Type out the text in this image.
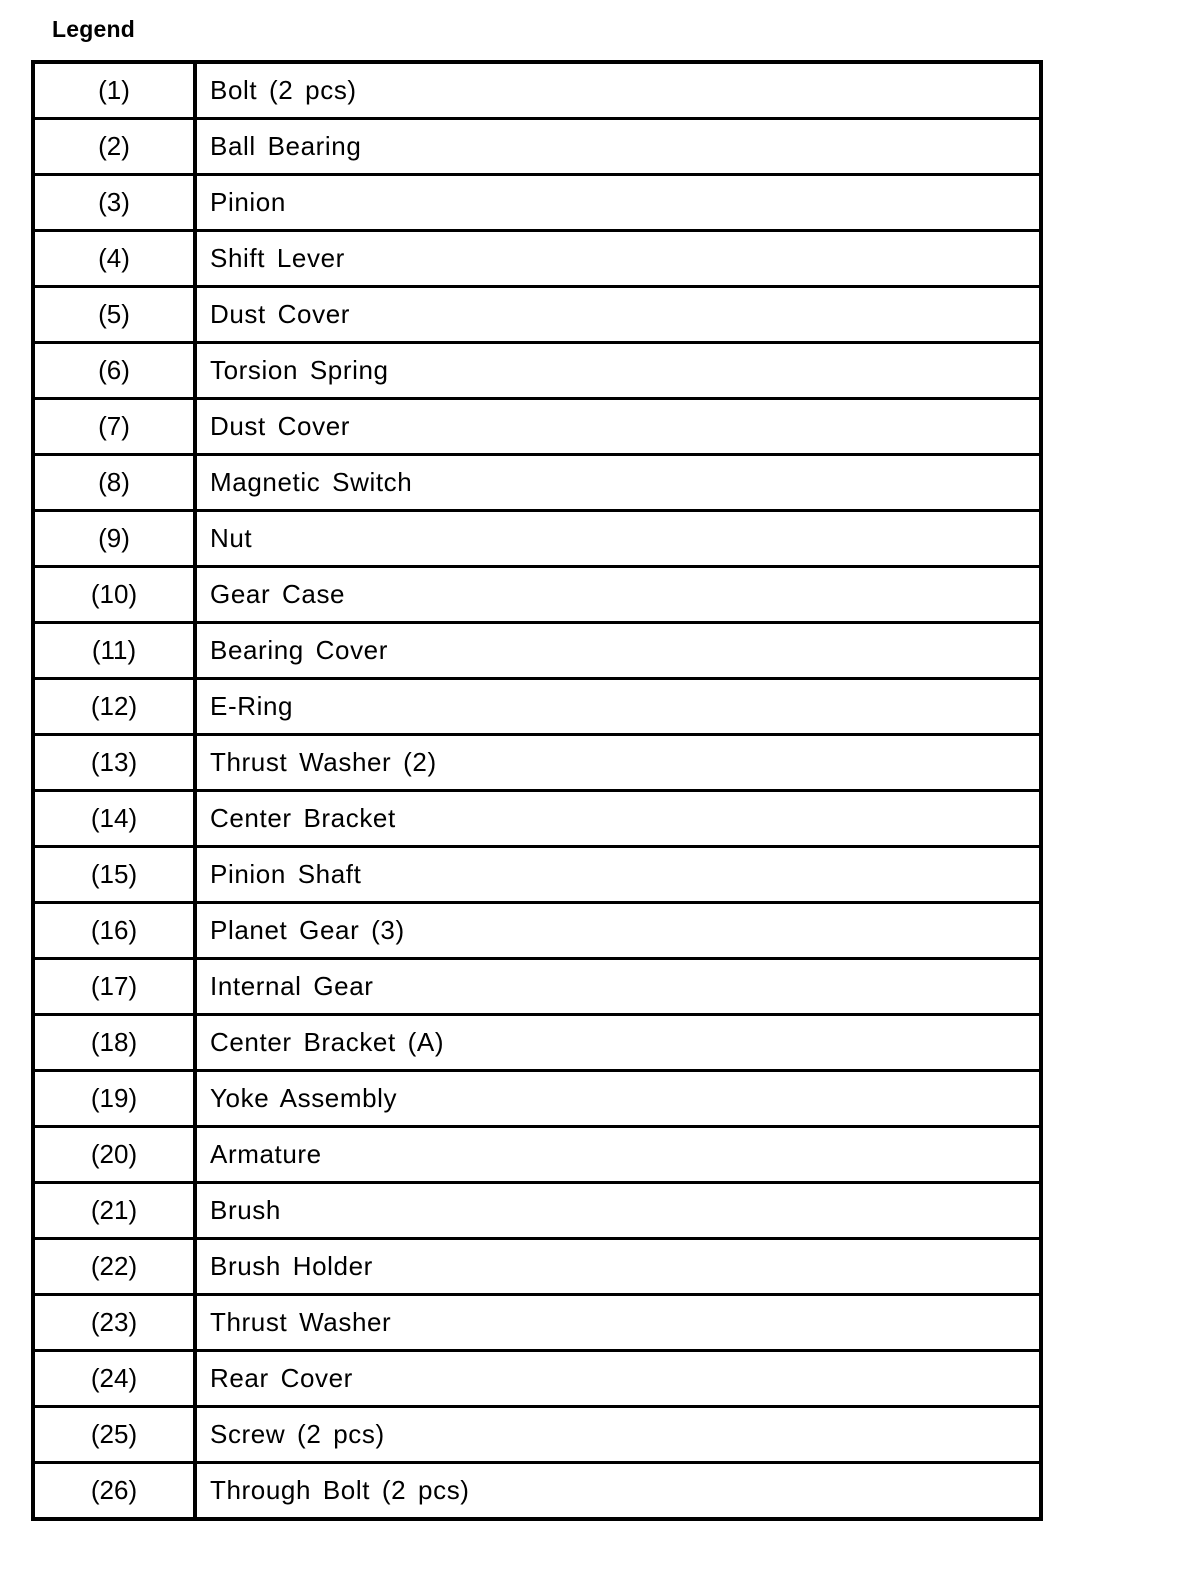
Legend
(1)	Bolt (2 pcs)
(2)	Ball Bearing
(3)	Pinion
(4)	Shift Lever
(5)	Dust Cover
(6)	Torsion Spring
(7)	Dust Cover
(8)	Magnetic Switch
(9)	Nut
(10)	Gear Case
(11)	Bearing Cover
(12)	E-Ring
(13)	Thrust Washer (2)
(14)	Center Bracket
(15)	Pinion Shaft
(16)	Planet Gear (3)
(17)	Internal Gear
(18)	Center Bracket (A)
(19)	Yoke Assembly
(20)	Armature
(21)	Brush
(22)	Brush Holder
(23)	Thrust Washer
(24)	Rear Cover
(25)	Screw (2 pcs)
(26)	Through Bolt (2 pcs)
